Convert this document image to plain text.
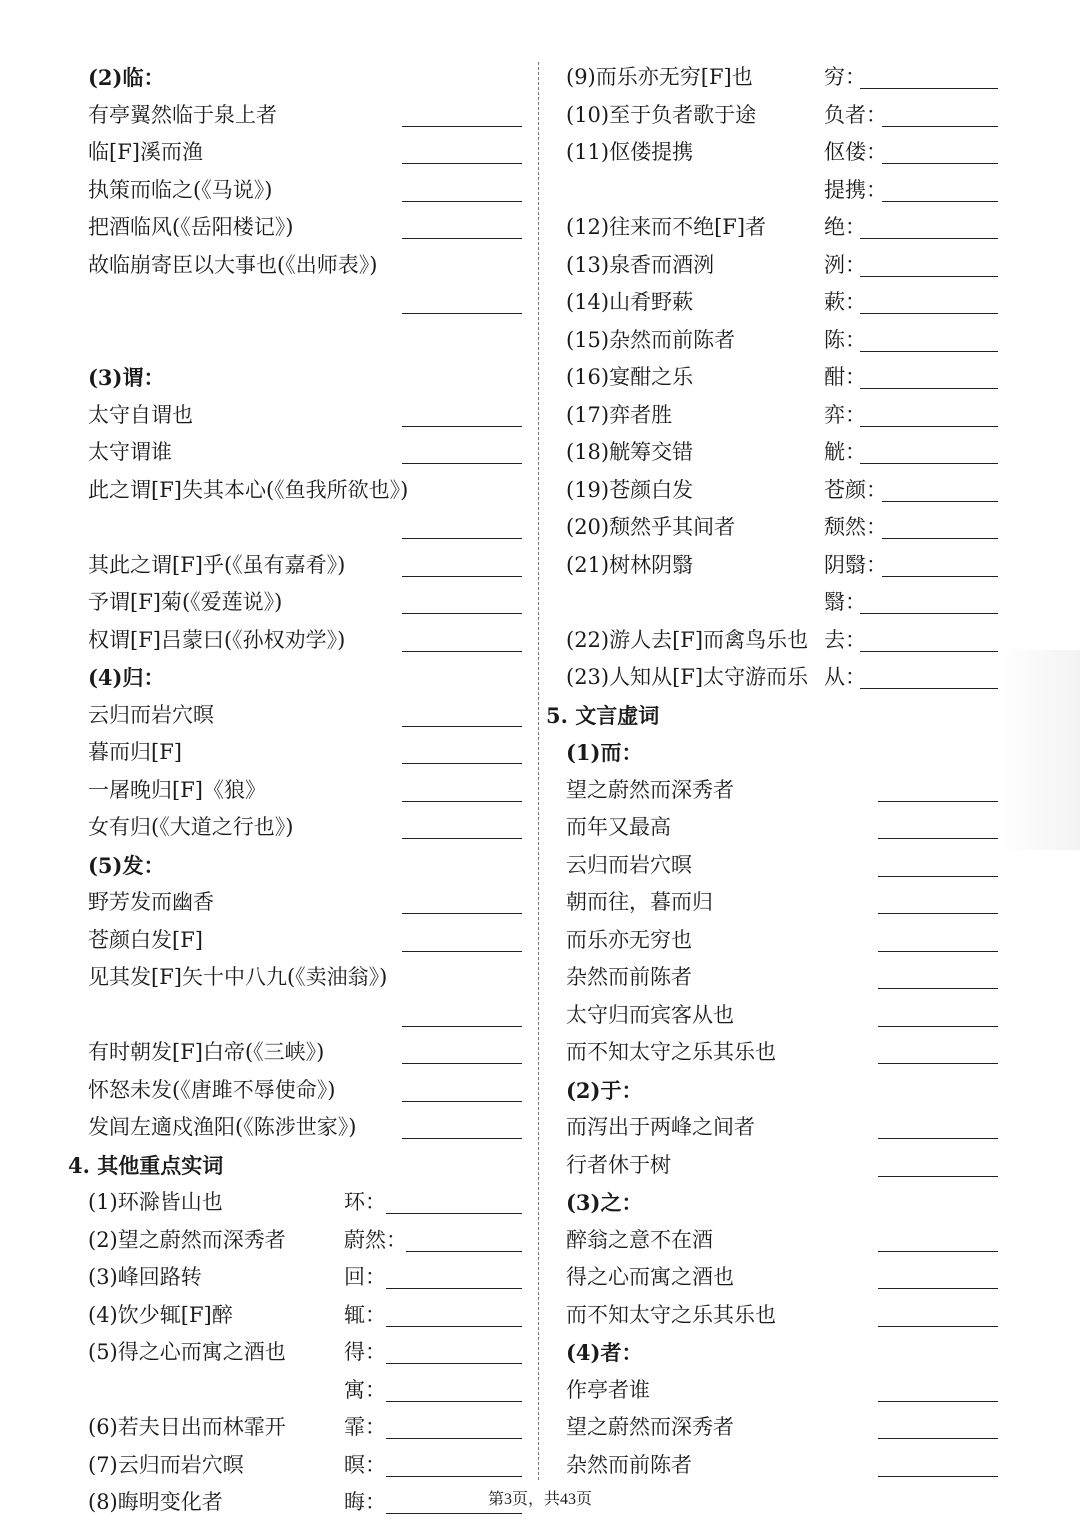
(2)临：
有亭翼然临于泉上者
临[F]溪而渔
执策而临之(《马说》)
把酒临风(《岳阳楼记》)
故临崩寄臣以大事也(《出师表》)
(3)谓：
太守自谓也
太守谓谁
此之谓[F]失其本心(《鱼我所欲也》)
其此之谓[F]乎(《虽有嘉肴》)
予谓[F]菊(《爱莲说》)
权谓[F]吕蒙曰(《孙权劝学》)
(4)归：
云归而岩穴暝
暮而归[F]
一屠晚归[F]《狼》
女有归(《大道之行也》)
(5)发：
野芳发而幽香
苍颜白发[F]
见其发[F]矢十中八九(《卖油翁》)
有时朝发[F]白帝(《三峡》)
怀怒未发(《唐雎不辱使命》)
发闾左適戍渔阳(《陈涉世家》)
4. 其他重点实词
(1)环滁皆山也	环：
(2)望之蔚然而深秀者	蔚然：
(3)峰回路转	回：
(4)饮少辄[F]醉	辄：
(5)得之心而寓之酒也	得：
寓：
(6)若夫日出而林霏开	霏：
(7)云归而岩穴暝	暝：
(8)晦明变化者	晦：
(9)而乐亦无穷[F]也	穷：
(10)至于负者歌于途	负者：
(11)伛偻提携	伛偻：
提携：
(12)往来而不绝[F]者	绝：
(13)泉香而酒洌	洌：
(14)山肴野蔌	蔌：
(15)杂然而前陈者	陈：
(16)宴酣之乐	酣：
(17)弈者胜	弈：
(18)觥筹交错	觥：
(19)苍颜白发	苍颜：
(20)颓然乎其间者	颓然：
(21)树林阴翳	阴翳：
翳：
(22)游人去[F]而禽鸟乐也 去：
(23)人知从[F]太守游而乐 从：
5. 文言虚词
(1)而：
望之蔚然而深秀者
而年又最高
云归而岩穴暝
朝而往，暮而归
而乐亦无穷也
杂然而前陈者
太守归而宾客从也
而不知太守之乐其乐也
(2)于：
而泻出于两峰之间者
行者休于树
(3)之：
醉翁之意不在酒
得之心而寓之酒也
而不知太守之乐其乐也
(4)者：
作亭者谁
望之蔚然而深秀者
杂然而前陈者
第3页，共43页
